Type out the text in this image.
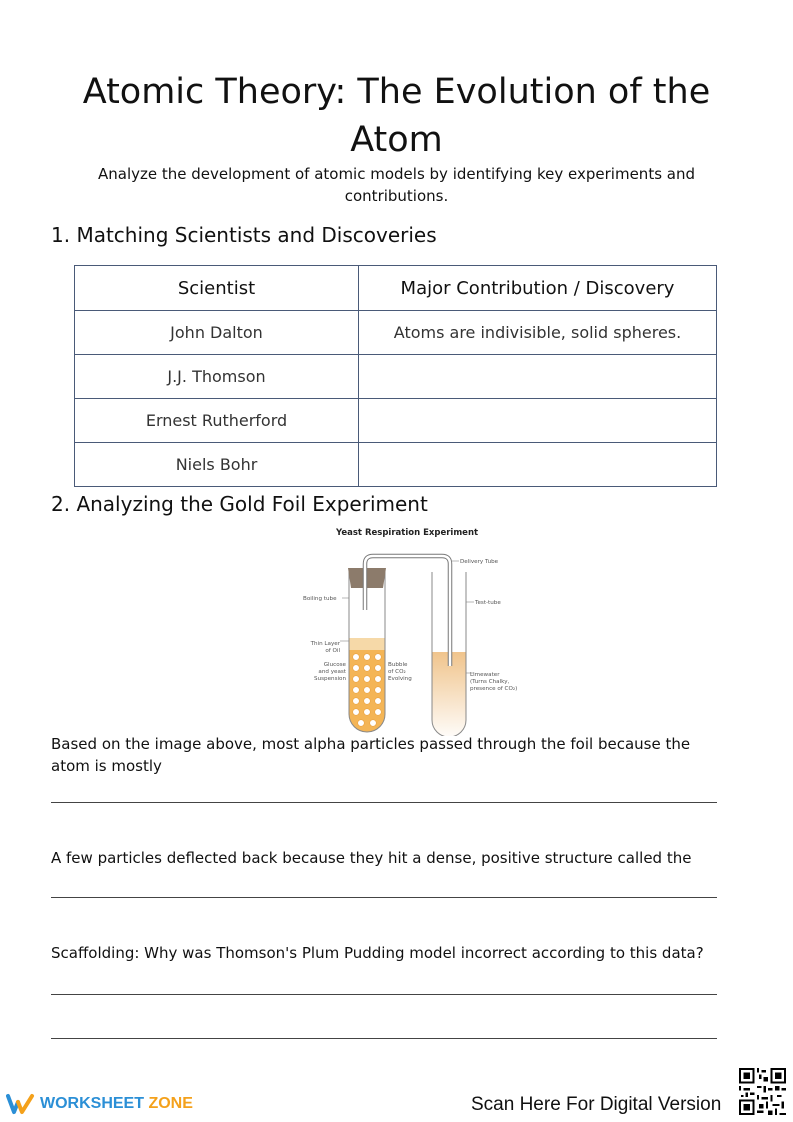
Atomic Theory: The Evolution of the Atom

Analyze the development of atomic models by identifying key experiments and contributions.

1. Matching Scientists and Discoveries
Scientist	Major Contribution / Discovery
John Dalton	Atoms are indivisible, solid spheres.
J.J. Thomson	
Ernest Rutherford	
Niels Bohr	
2. Analyzing the Gold Foil Experiment
Yeast Respiration Experiment
Delivery Tube
Boiling tube
Test-tube
Thin Layer
of Oil
Glucose
and yeast
Suspension
Bubble
of CO₂
Evolving
Limewater
(Turns Chalky,
presence of CO₂)

Based on the image above, most alpha particles passed through the foil because the atom is mostly

A few particles deflected back because they hit a dense, positive structure called the

Scaffolding: Why was Thomson's Plum Pudding model incorrect according to this data?

WORKSHEET ZONE	Scan Here For Digital Version
